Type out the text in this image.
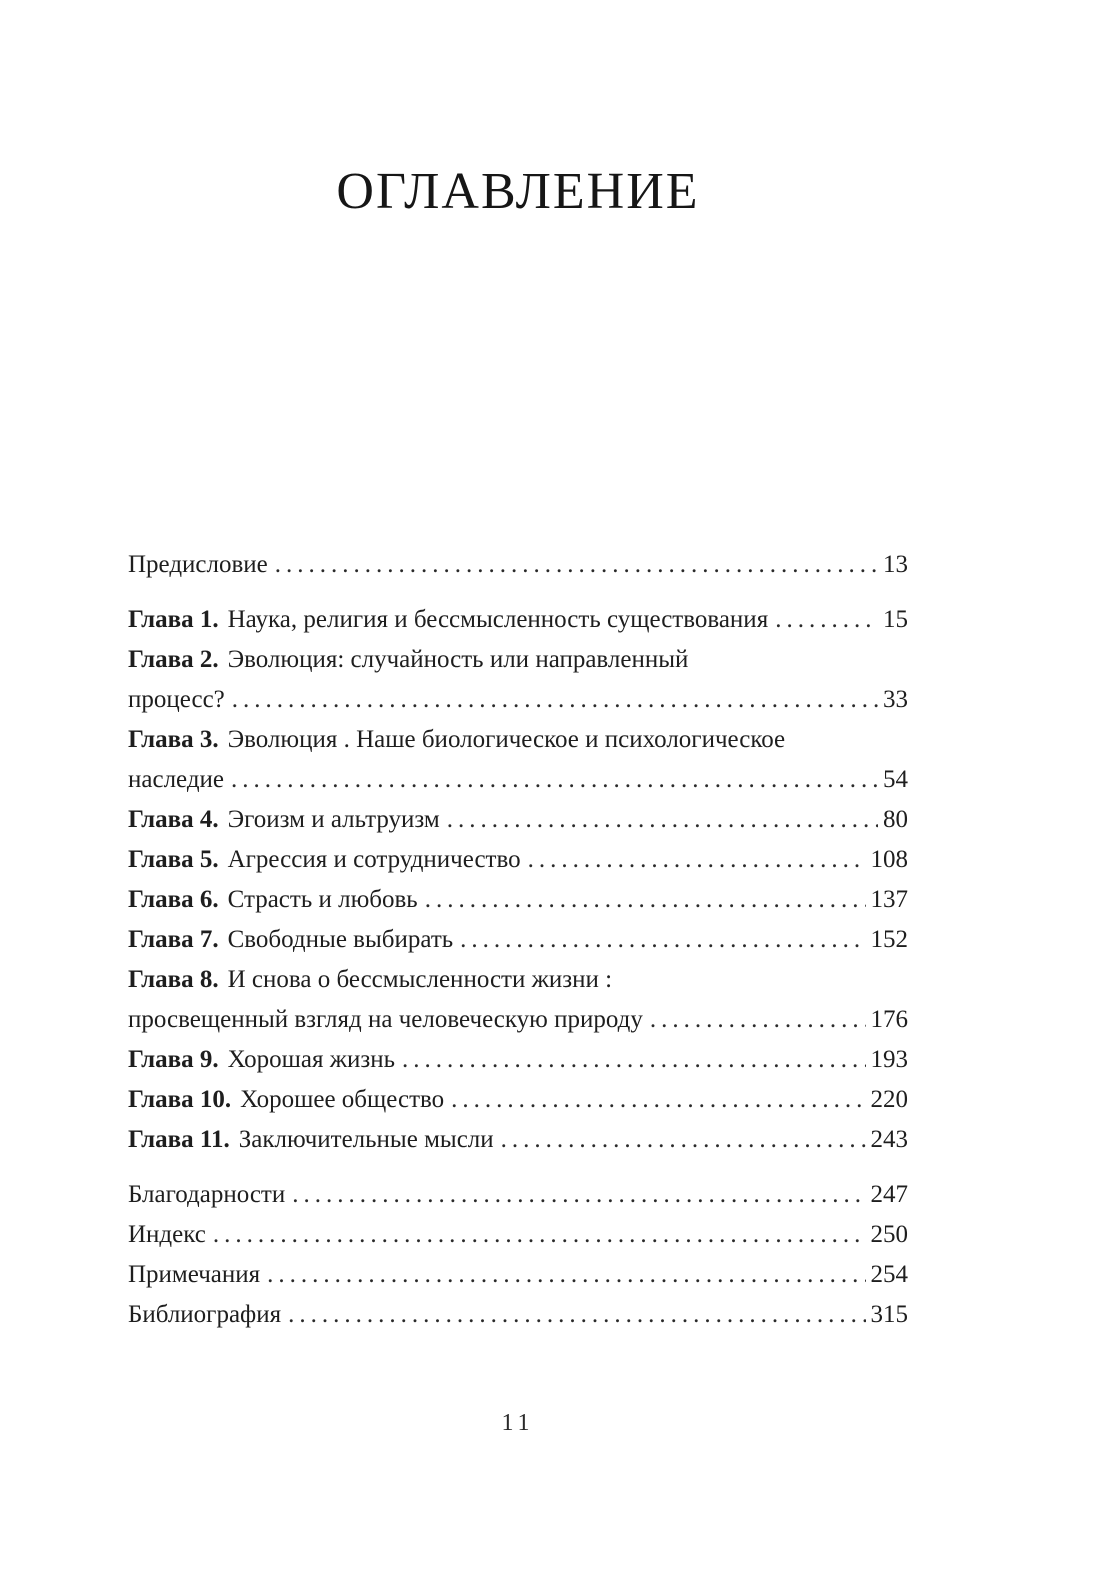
ОГЛАВЛЕНИЕ
Предисловие .....	13
Глава 1. Наука, религия и бессмысленность существования .....	15
Глава 2. Эволюция: случайность или направленный
процесс? .....	33
Глава 3. Эволюция . Наше биологическое и психологическое
наследие .....	54
Глава 4. Эгоизм и альтруизм .....	80
Глава 5. Агрессия и сотрудничество .....	108
Глава 6. Страсть и любовь .....	137
Глава 7. Свободные выбирать .....	152
Глава 8. И снова о бессмысленности жизни :
просвещенный взгляд на человеческую природу .....	176
Глава 9. Хорошая жизнь .....	193
Глава 10. Хорошее общество .....	220
Глава 11. Заключительные мысли .....	243
Благодарности .....	247
Индекс .....	250
Примечания .....	254
Библиография .....	315
11
